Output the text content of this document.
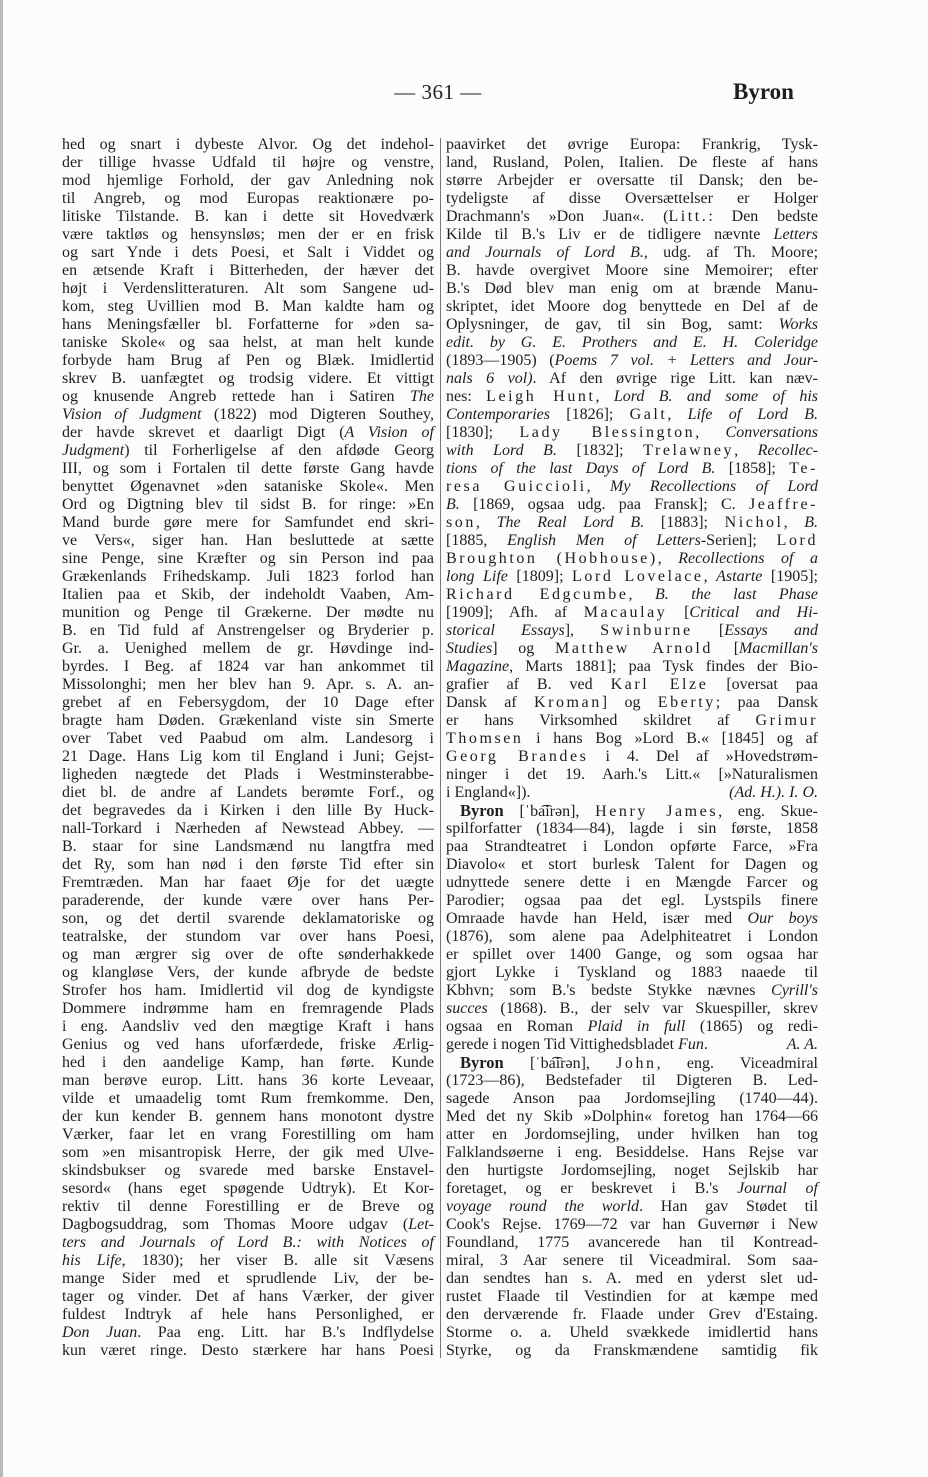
— 361 —	Byron
hed og snart i dybeste Alvor. Og det indehol-
der tillige hvasse Udfald til højre og venstre,
mod hjemlige Forhold, der gav Anledning nok
til Angreb, og mod Europas reaktionære po-
litiske Tilstande. B. kan i dette sit Hovedværk
være taktløs og hensynsløs; men der er en frisk
og sart Ynde i dets Poesi, et Salt i Viddet og
en ætsende Kraft i Bitterheden, der hæver det
højt i Verdenslitteraturen. Alt som Sangene ud-
kom, steg Uvillien mod B. Man kaldte ham og
hans Meningsfæller bl. Forfatterne for »den sa-
taniske Skole« og saa helst, at man helt kunde
forbyde ham Brug af Pen og Blæk. Imidlertid
skrev B. uanfægtet og trodsig videre. Et vittigt
og knusende Angreb rettede han i Satiren The
Vision of Judgment (1822) mod Digteren Southey,
der havde skrevet et daarligt Digt (A Vision of
Judgment) til Forherligelse af den afdøde Georg
III, og som i Fortalen til dette første Gang havde
benyttet Øgenavnet »den sataniske Skole«. Men
Ord og Digtning blev til sidst B. for ringe: »En
Mand burde gøre mere for Samfundet end skri-
ve Vers«, siger han. Han besluttede at sætte
sine Penge, sine Kræfter og sin Person ind paa
Grækenlands Frihedskamp. Juli 1823 forlod han
Italien paa et Skib, der indeholdt Vaaben, Am-
munition og Penge til Grækerne. Der mødte nu
B. en Tid fuld af Anstrengelser og Bryderier p.
Gr. a. Uenighed mellem de gr. Høvdinge ind-
byrdes. I Beg. af 1824 var han ankommet til
Missolonghi; men her blev han 9. Apr. s. A. an-
grebet af en Febersygdom, der 10 Dage efter
bragte ham Døden. Grækenland viste sin Smerte
over Tabet ved Paabud om alm. Landesorg i
21 Dage. Hans Lig kom til England i Juni; Gejst-
ligheden nægtede det Plads i Westminsterabbe-
diet bl. de andre af Landets berømte Forf., og
det begravedes da i Kirken i den lille By Huck-
nall-Torkard i Nærheden af Newstead Abbey. —
B. staar for sine Landsmænd nu langtfra med
det Ry, som han nød i den første Tid efter sin
Fremtræden. Man har faaet Øje for det uægte
paraderende, der kunde være over hans Per-
son, og det dertil svarende deklamatoriske og
teatralske, der stundom var over hans Poesi,
og man ærgrer sig over de ofte sønderhakkede
og klangløse Vers, der kunde afbryde de bedste
Strofer hos ham. Imidlertid vil dog de kyndigste
Dommere indrømme ham en fremragende Plads
i eng. Aandsliv ved den mægtige Kraft i hans
Genius og ved hans uforfærdede, friske Ærlig-
hed i den aandelige Kamp, han førte. Kunde
man berøve europ. Litt. hans 36 korte Leveaar,
vilde et umaadelig tomt Rum fremkomme. Den,
der kun kender B. gennem hans monotont dystre
Værker, faar let en vrang Forestilling om ham
som »en misantropisk Herre, der gik med Ulve-
skindsbukser og svarede med barske Enstavel-
sesord« (hans eget spøgende Udtryk). Et Kor-
rektiv til denne Forestilling er de Breve og
Dagbogsuddrag, som Thomas Moore udgav (Let-
ters and Journals of Lord B.: with Notices of
his Life, 1830); her viser B. alle sit Væsens
mange Sider med et sprudlende Liv, der be-
tager og vinder. Det af hans Værker, der giver
fuldest Indtryk af hele hans Personlighed, er
Don Juan. Paa eng. Litt. har B.'s Indflydelse
kun været ringe. Desto stærkere har hans Poesi
paavirket det øvrige Europa: Frankrig, Tysk-
land, Rusland, Polen, Italien. De fleste af hans
større Arbejder er oversatte til Dansk; den be-
tydeligste af disse Oversættelser er Holger
Drachmann's »Don Juan«. (Litt.: Den bedste
Kilde til B.'s Liv er de tidligere nævnte Letters
and Journals of Lord B., udg. af Th. Moore;
B. havde overgivet Moore sine Memoirer; efter
B.'s Død blev man enig om at brænde Manu-
skriptet, idet Moore dog benyttede en Del af de
Oplysninger, de gav, til sin Bog, samt: Works
edit. by G. E. Prothers and E. H. Coleridge
(1893—1905) (Poems 7 vol. + Letters and Jour-
nals 6 vol). Af den øvrige rige Litt. kan næv-
nes: Leigh Hunt, Lord B. and some of his
Contemporaries [1826]; Galt, Life of Lord B.
[1830]; Lady Blessington, Conversations
with Lord B. [1832]; Trelawney, Recollec-
tions of the last Days of Lord B. [1858]; Te-
resa Guiccioli, My Recollections of Lord
B. [1869, ogsaa udg. paa Fransk]; C. Jeaffre-
son, The Real Lord B. [1883]; Nichol, B.
[1885, English Men of Letters-Serien]; Lord
Broughton (Hobhouse), Recollections of a
long Life [1809]; Lord Lovelace, Astarte [1905];
Richard Edgcumbe, B. the last Phase
[1909]; Afh. af Macaulay [Critical and Hi-
storical Essays], Swinburne [Essays and
Studies] og Matthew Arnold [Macmillan's
Magazine, Marts 1881]; paa Tysk findes der Bio-
grafier af B. ved Karl Elze [oversat paa
Dansk af Kroman] og Eberty; paa Dansk
er hans Virksomhed skildret af Grimur
Thomsen i hans Bog »Lord B.« [1845] og af
Georg Brandes i 4. Del af »Hovedstrøm-
ninger i det 19. Aarh.'s Litt.« [»Naturalismen
i England«]).	(Ad. H.). I. O.
Byron [ˈba͡irən], Henry James, eng. Skue-
spilforfatter (1834—84), lagde i sin første, 1858
paa Strandteatret i London opførte Farce, »Fra
Diavolo« et stort burlesk Talent for Dagen og
udnyttede senere dette i en Mængde Farcer og
Parodier; ogsaa paa det egl. Lystspils finere
Omraade havde han Held, især med Our boys
(1876), som alene paa Adelphiteatret i London
er spillet over 1400 Gange, og som ogsaa har
gjort Lykke i Tyskland og 1883 naaede til
Kbhvn; som B.'s bedste Stykke nævnes Cyrill's
succes (1868). B., der selv var Skuespiller, skrev
ogsaa en Roman Plaid in full (1865) og redi-
gerede i nogen Tid Vittighedsbladet Fun.	A. A.
Byron [ˈba͡irən], John, eng. Viceadmiral
(1723—86), Bedstefader til Digteren B. Led-
sagede Anson paa Jordomsejling (1740—44).
Med det ny Skib »Dolphin« foretog han 1764—66
atter en Jordomsejling, under hvilken han tog
Falklandsøerne i eng. Besiddelse. Hans Rejse var
den hurtigste Jordomsejling, noget Sejlskib har
foretaget, og er beskrevet i B.'s Journal of
voyage round the world. Han gav Stødet til
Cook's Rejse. 1769—72 var han Guvernør i New
Foundland, 1775 avancerede han til Kontread-
miral, 3 Aar senere til Viceadmiral. Som saa-
dan sendtes han s. A. med en yderst slet ud-
rustet Flaade til Vestindien for at kæmpe med
den derværende fr. Flaade under Grev d'Estaing.
Storme o. a. Uheld svækkede imidlertid hans
Styrke, og da Franskmændene samtidig fik
